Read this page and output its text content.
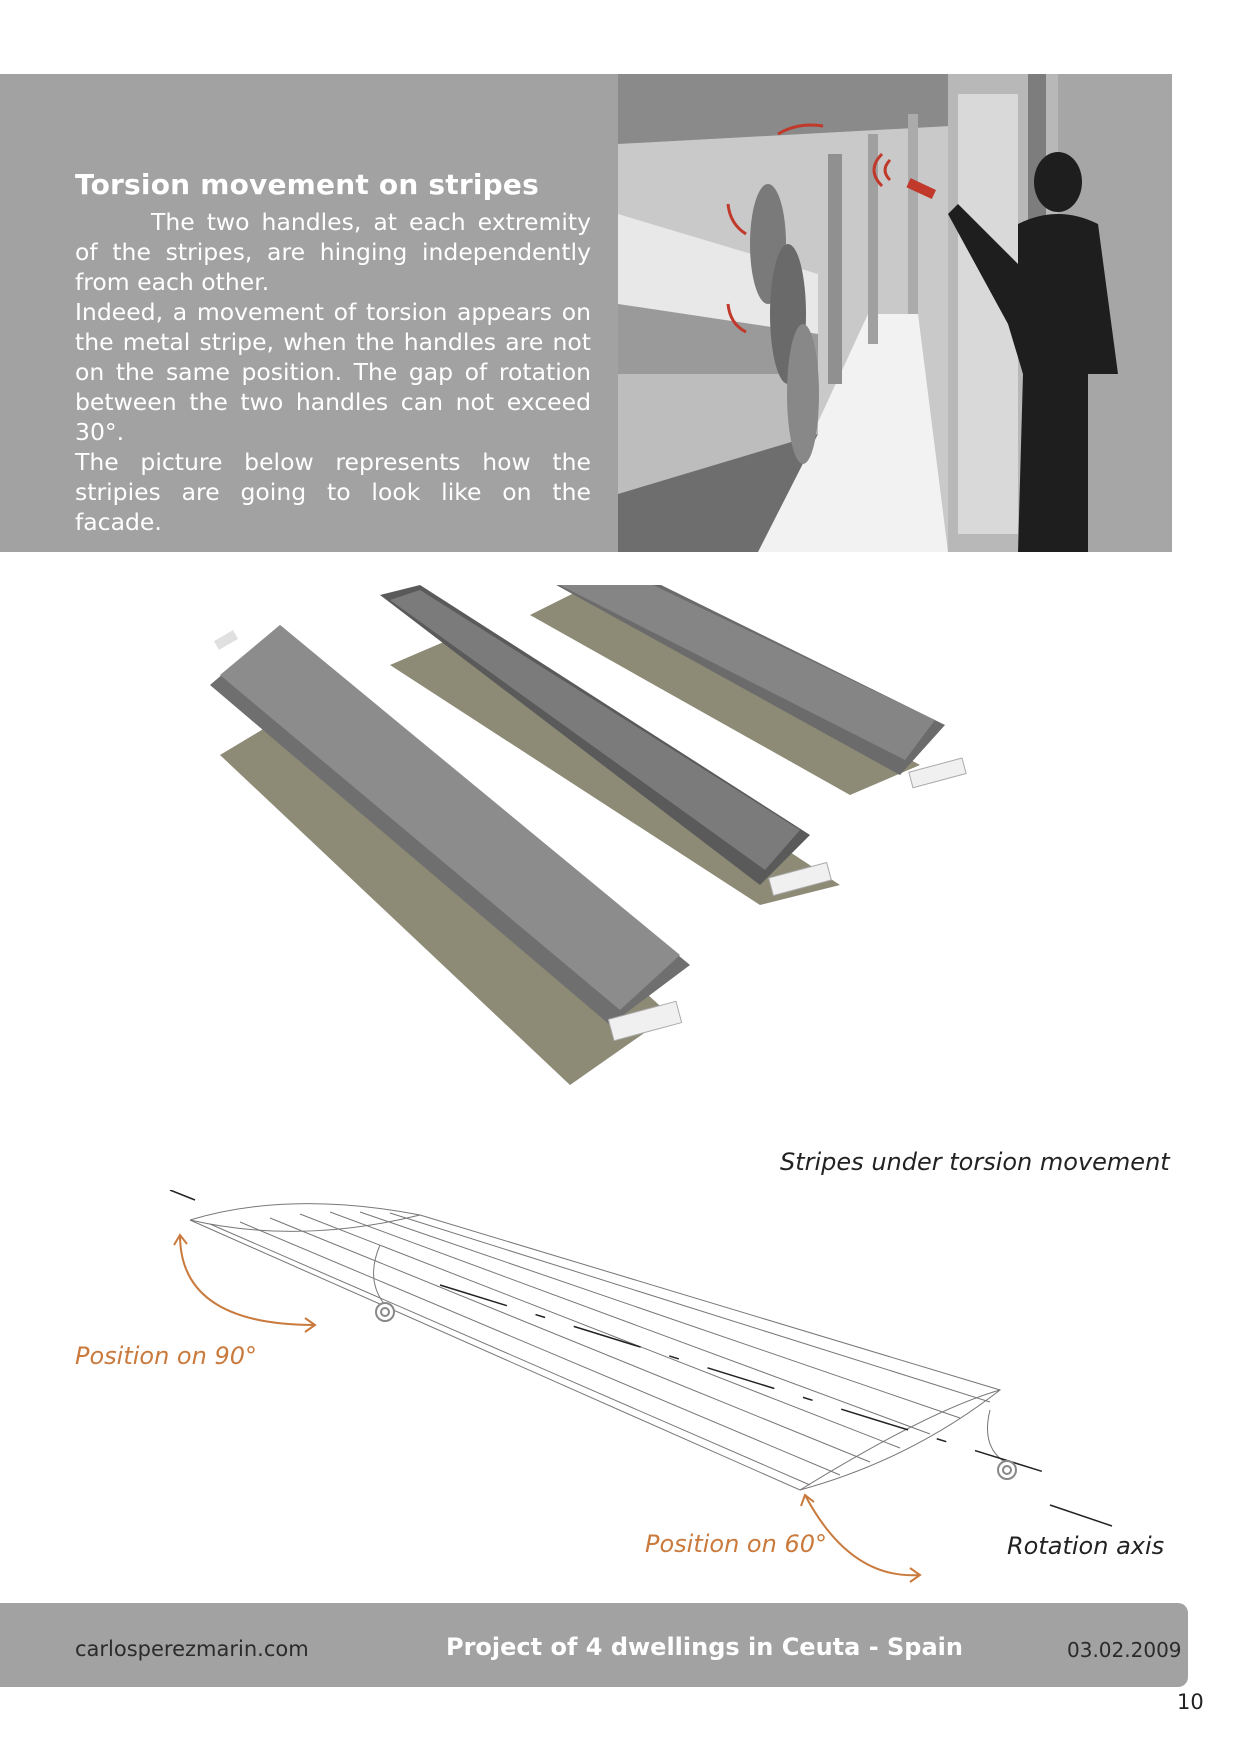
Torsion movement on stripes

The two handles, at each extremity of the stripes, are hinging independently from each other.

Indeed, a movement of torsion appears on the metal stripe, when the handles are not on the same position. The gap of rotation between the two handles can not exceed 30°.

The picture below represents how the stripies are going to look like on the facade.

Stripes under torsion movement
Position on 90°
Position on 60°	Rotation axis
carlosperezmarin.com	Project of 4 dwellings in Ceuta - Spain	03.02.2009
10
